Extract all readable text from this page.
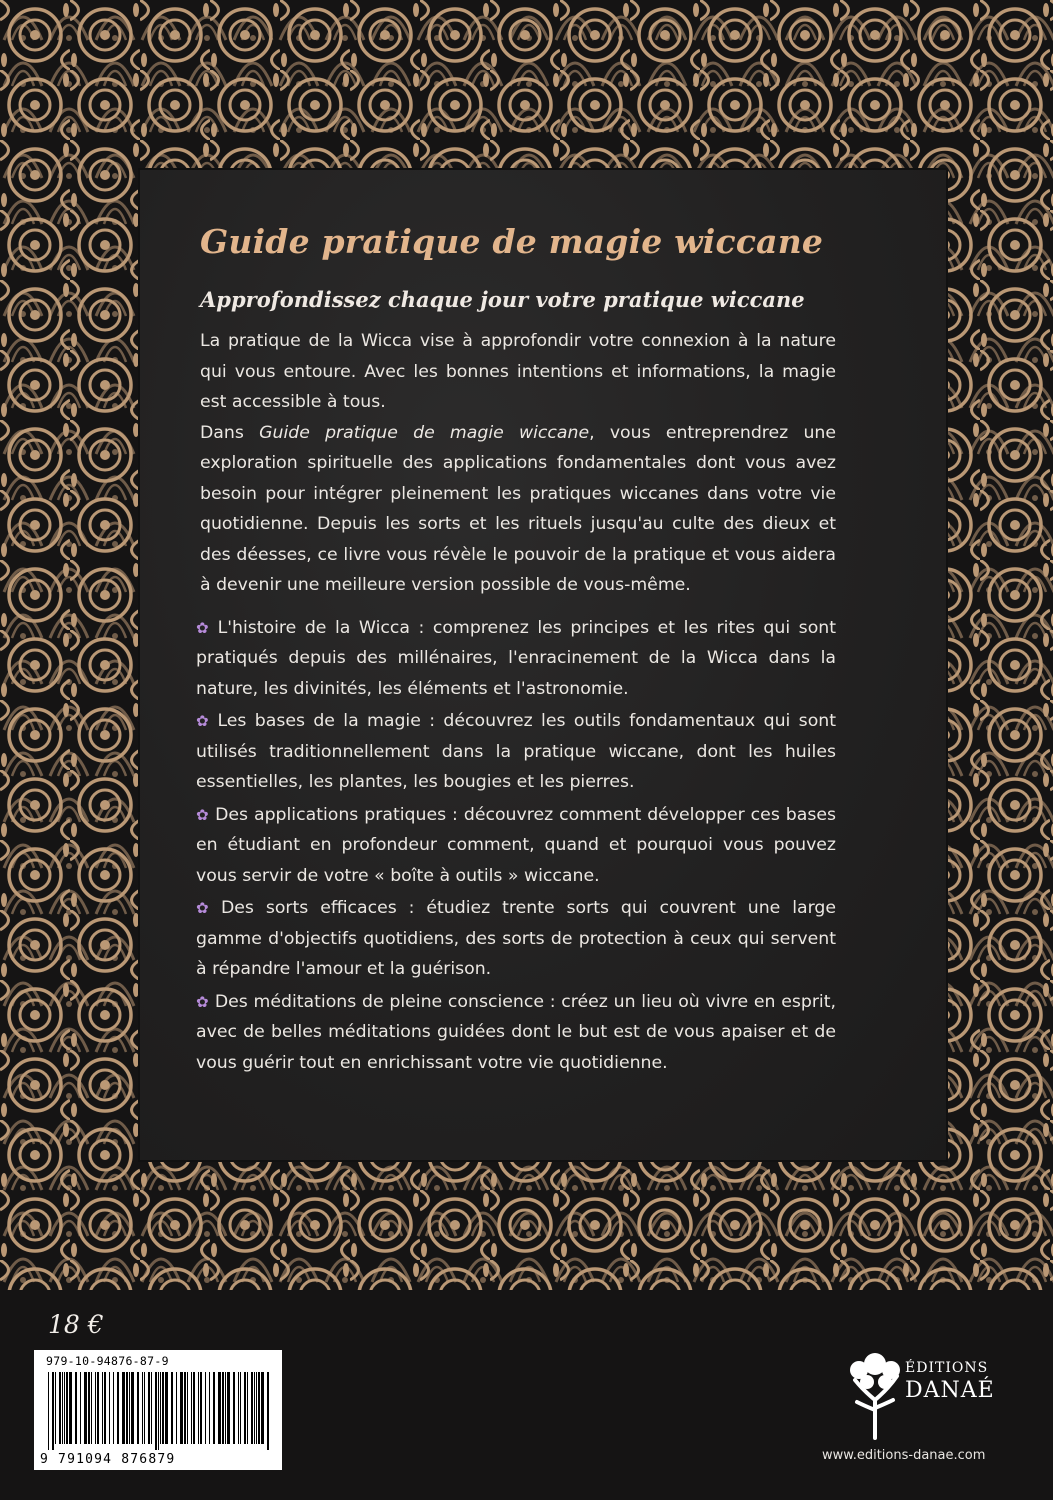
Guide pratique de magie wiccane
Approfondissez chaque jour votre pratique wiccane

La pratique de la Wicca vise à approfondir votre connexion à la nature qui vous entoure. Avec les bonnes intentions et informations, la magie est accessible à tous.

Dans Guide pratique de magie wiccane, vous entreprendrez une exploration spirituelle des applications fondamentales dont vous avez besoin pour intégrer pleinement les pratiques wiccanes dans votre vie quotidienne. Depuis les sorts et les rituels jusqu'au culte des dieux et des déesses, ce livre vous révèle le pouvoir de la pratique et vous aidera à devenir une meilleure version possible de vous-même.

✿ L'histoire de la Wicca : comprenez les principes et les rites qui sont pratiqués depuis des millénaires, l'enracinement de la Wicca dans la nature, les divinités, les éléments et l'astronomie.
✿ Les bases de la magie : découvrez les outils fondamentaux qui sont utilisés traditionnellement dans la pratique wiccane, dont les huiles essentielles, les plantes, les bougies et les pierres.
✿ Des applications pratiques : découvrez comment développer ces bases en étudiant en profondeur comment, quand et pourquoi vous pouvez vous servir de votre « boîte à outils » wiccane.
✿ Des sorts efficaces : étudiez trente sorts qui couvrent une large gamme d'objectifs quotidiens, des sorts de protection à ceux qui servent à répandre l'amour et la guérison.
✿ Des méditations de pleine conscience : créez un lieu où vivre en esprit, avec de belles méditations guidées dont le but est de vous apaiser et de vous guérir tout en enrichissant votre vie quotidienne.
18 €
979-10-94876-87-9
9 791094 876879
ÉDITIONS
DANAÉ
www.editions-danae.com
